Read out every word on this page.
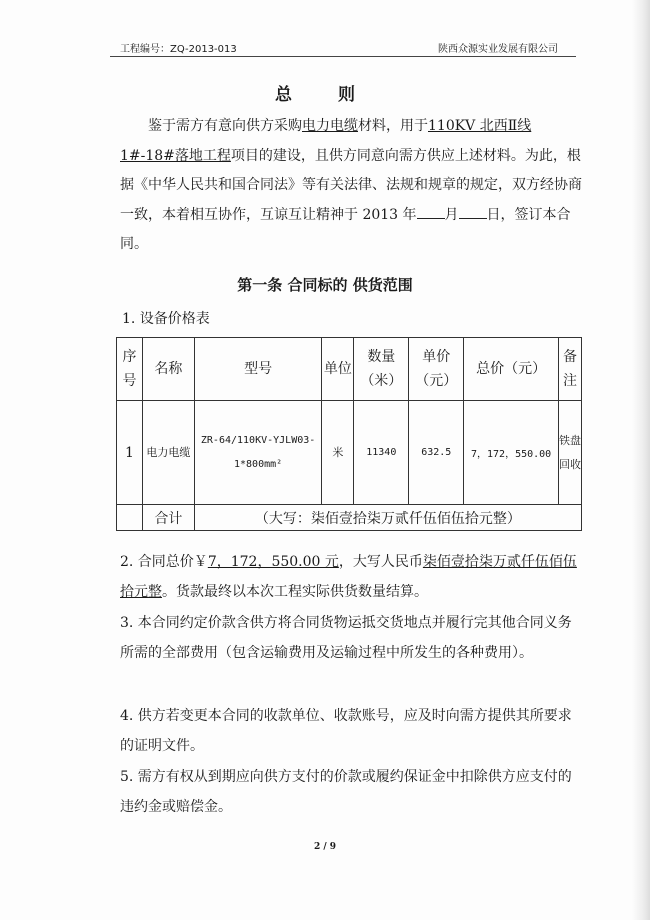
工程编号：ZQ-2013-013	陕西众源实业发展有限公司
总 则
鉴于需方有意向供方采购电力电缆材料，用于110KV 北西Ⅱ线 1#-18#落地工程项目的建设，且供方同意向需方供应上述材料。为此，根据《中华人民共和国合同法》等有关法律、法规和规章的规定，双方经协商一致，本着相互协作，互谅互让精神于 2013 年 月 日，签订本合同。
第一条 合同标的 供货范围
1. 设备价格表
序号	名称	型号	单位	数量（米）	单价（元）	总价（元）	备注
1	电力电缆	ZR-64/110KV-YJLW03-1*800mm²	米	11340	632.5	7，172，550.00	铁盘回收
	合计	（大写：柒佰壹拾柒万贰仟伍佰伍拾元整）					
2. 合同总价￥7，172，550.00 元，大写人民币柒佰壹拾柒万贰仟伍佰伍拾元整。货款最终以本次工程实际供货数量结算。
3. 本合同约定价款含供方将合同货物运抵交货地点并履行完其他合同义务所需的全部费用（包含运输费用及运输过程中所发生的各种费用）。
4. 供方若变更本合同的收款单位、收款账号，应及时向需方提供其所要求的证明文件。
5. 需方有权从到期应向供方支付的价款或履约保证金中扣除供方应支付的违约金或赔偿金。
2 / 9
